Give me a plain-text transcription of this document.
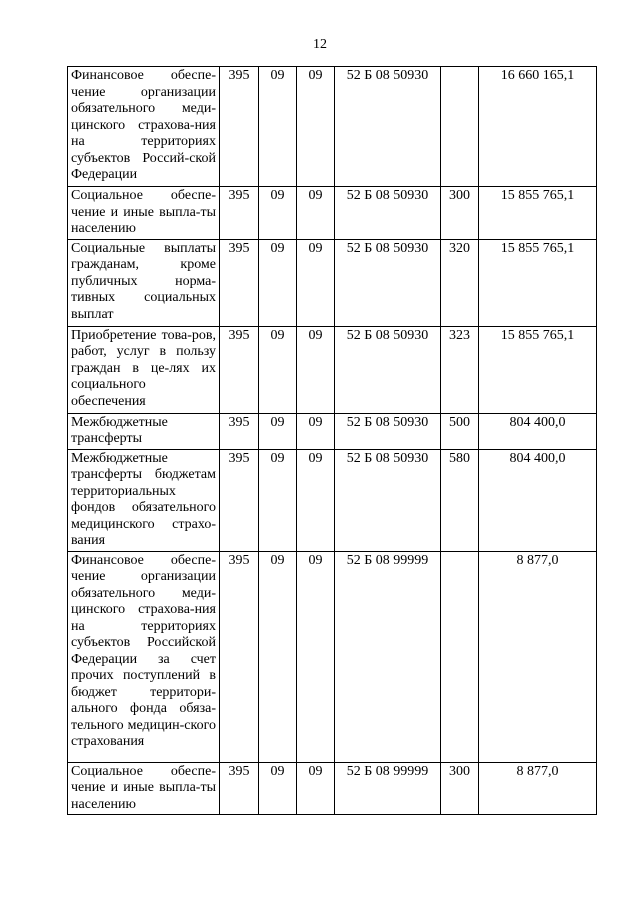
12
Финансовое обеспе-чение организации обязательного меди-цинского страхова-ния на территориях субъектов Россий-ской Федерации	395	09	09	52 Б 08 50930		16 660 165,1
Социальное обеспе-чение и иные выпла-ты населению	395	09	09	52 Б 08 50930	300	15 855 765,1
Социальные выплаты гражданам, кроме публичных норма-тивных социальных выплат	395	09	09	52 Б 08 50930	320	15 855 765,1
Приобретение това-ров, работ, услуг в пользу граждан в це-лях их социального обеспечения	395	09	09	52 Б 08 50930	323	15 855 765,1
Межбюджетные трансферты	395	09	09	52 Б 08 50930	500	804 400,0
Межбюджетные трансферты бюджетам территориальных фондов обязательного медицинского страхо-вания	395	09	09	52 Б 08 50930	580	804 400,0
Финансовое обеспе-чение организации обязательного меди-цинского страхова-ния на территориях субъектов Российской Федерации за счет прочих поступлений в бюджет территори-ального фонда обяза-тельного медицин-ского страхования	395	09	09	52 Б 08 99999		8 877,0
Социальное обеспе-чение и иные выпла-ты населению	395	09	09	52 Б 08 99999	300	8 877,0
